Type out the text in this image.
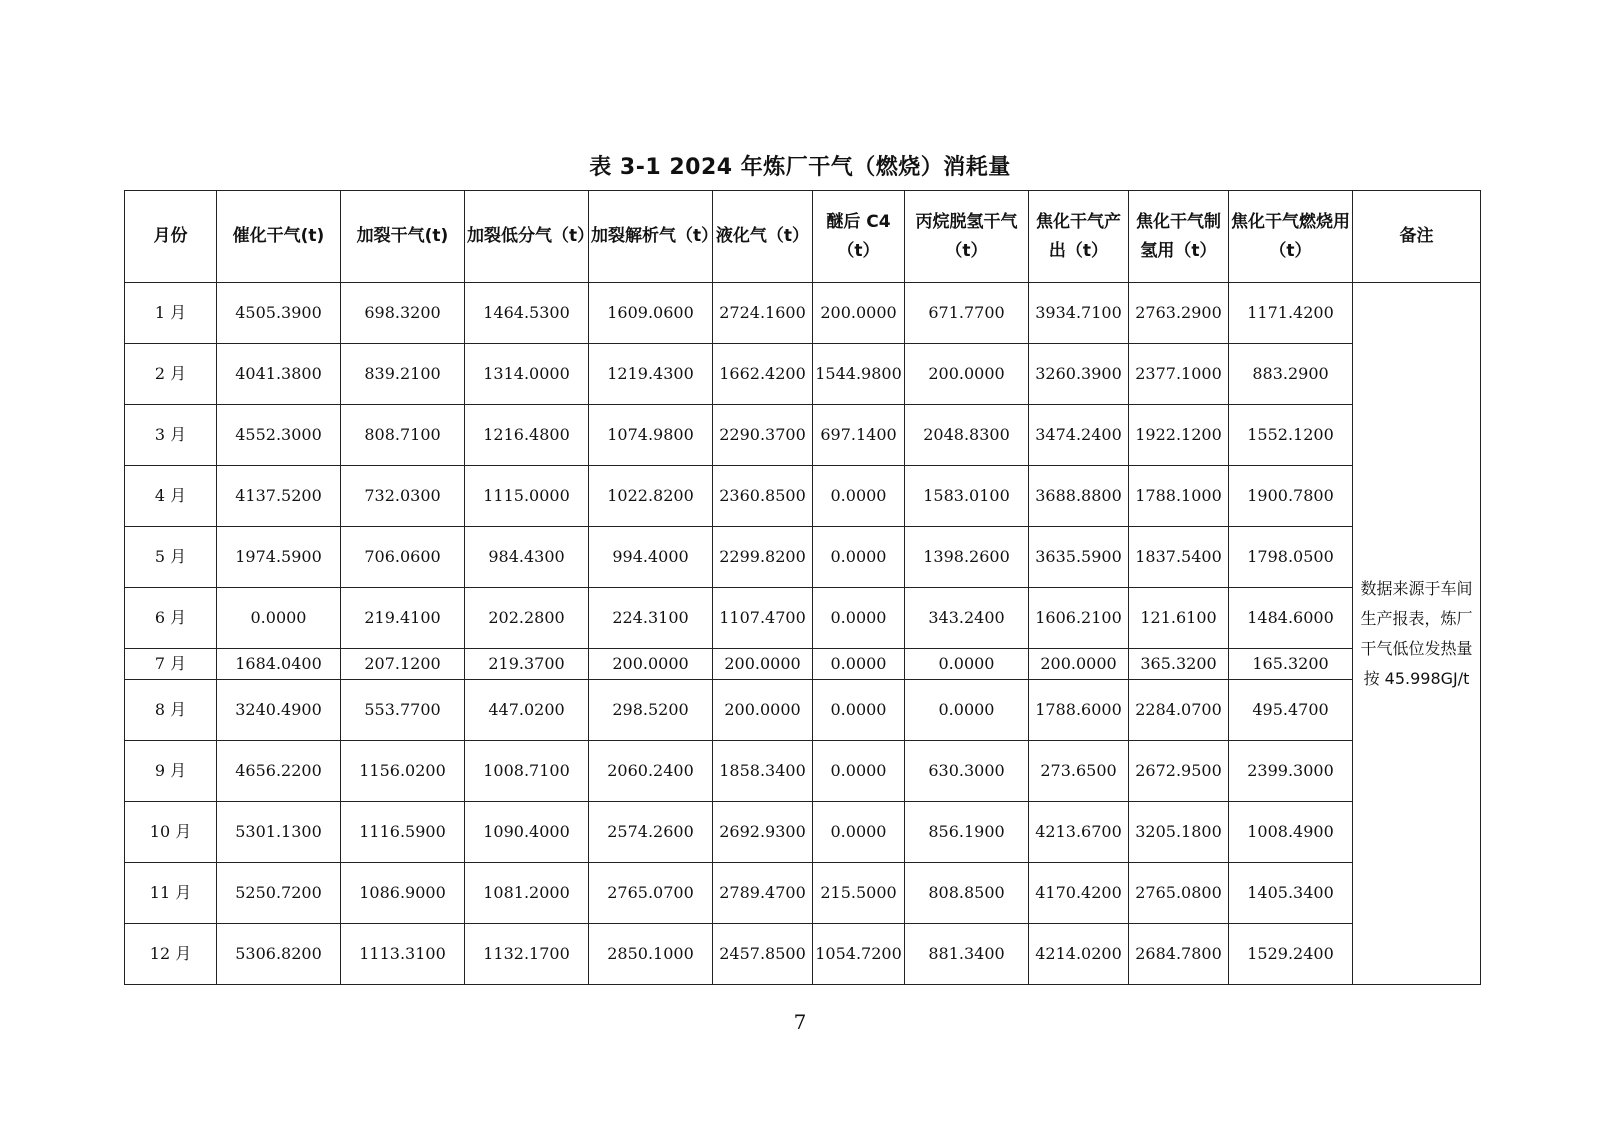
表 3-1 2024 年炼厂干气（燃烧）消耗量
月份	催化干气(t)	加裂干气(t)	加裂低分气（t）	加裂解析气（t）	液化气（t）	醚后 C4（t）	丙烷脱氢干气（t）	焦化干气产出（t）	焦化干气制氢用（t）	焦化干气燃烧用（t）	备注
1 月	4505.3900	698.3200	1464.5300	1609.0600	2724.1600	200.0000	671.7700	3934.7100	2763.2900	1171.4200	数据来源于车间生产报表，炼厂干气低位发热量按 45.998GJ/t
2 月	4041.3800	839.2100	1314.0000	1219.4300	1662.4200	1544.9800	200.0000	3260.3900	2377.1000	883.2900	
3 月	4552.3000	808.7100	1216.4800	1074.9800	2290.3700	697.1400	2048.8300	3474.2400	1922.1200	1552.1200	
4 月	4137.5200	732.0300	1115.0000	1022.8200	2360.8500	0.0000	1583.0100	3688.8800	1788.1000	1900.7800	
5 月	1974.5900	706.0600	984.4300	994.4000	2299.8200	0.0000	1398.2600	3635.5900	1837.5400	1798.0500	
6 月	0.0000	219.4100	202.2800	224.3100	1107.4700	0.0000	343.2400	1606.2100	121.6100	1484.6000	
7 月	1684.0400	207.1200	219.3700	200.0000	200.0000	0.0000	0.0000	200.0000	365.3200	165.3200	
8 月	3240.4900	553.7700	447.0200	298.5200	200.0000	0.0000	0.0000	1788.6000	2284.0700	495.4700	
9 月	4656.2200	1156.0200	1008.7100	2060.2400	1858.3400	0.0000	630.3000	273.6500	2672.9500	2399.3000	
10 月	5301.1300	1116.5900	1090.4000	2574.2600	2692.9300	0.0000	856.1900	4213.6700	3205.1800	1008.4900	
11 月	5250.7200	1086.9000	1081.2000	2765.0700	2789.4700	215.5000	808.8500	4170.4200	2765.0800	1405.3400	
12 月	5306.8200	1113.3100	1132.1700	2850.1000	2457.8500	1054.7200	881.3400	4214.0200	2684.7800	1529.2400	
7
